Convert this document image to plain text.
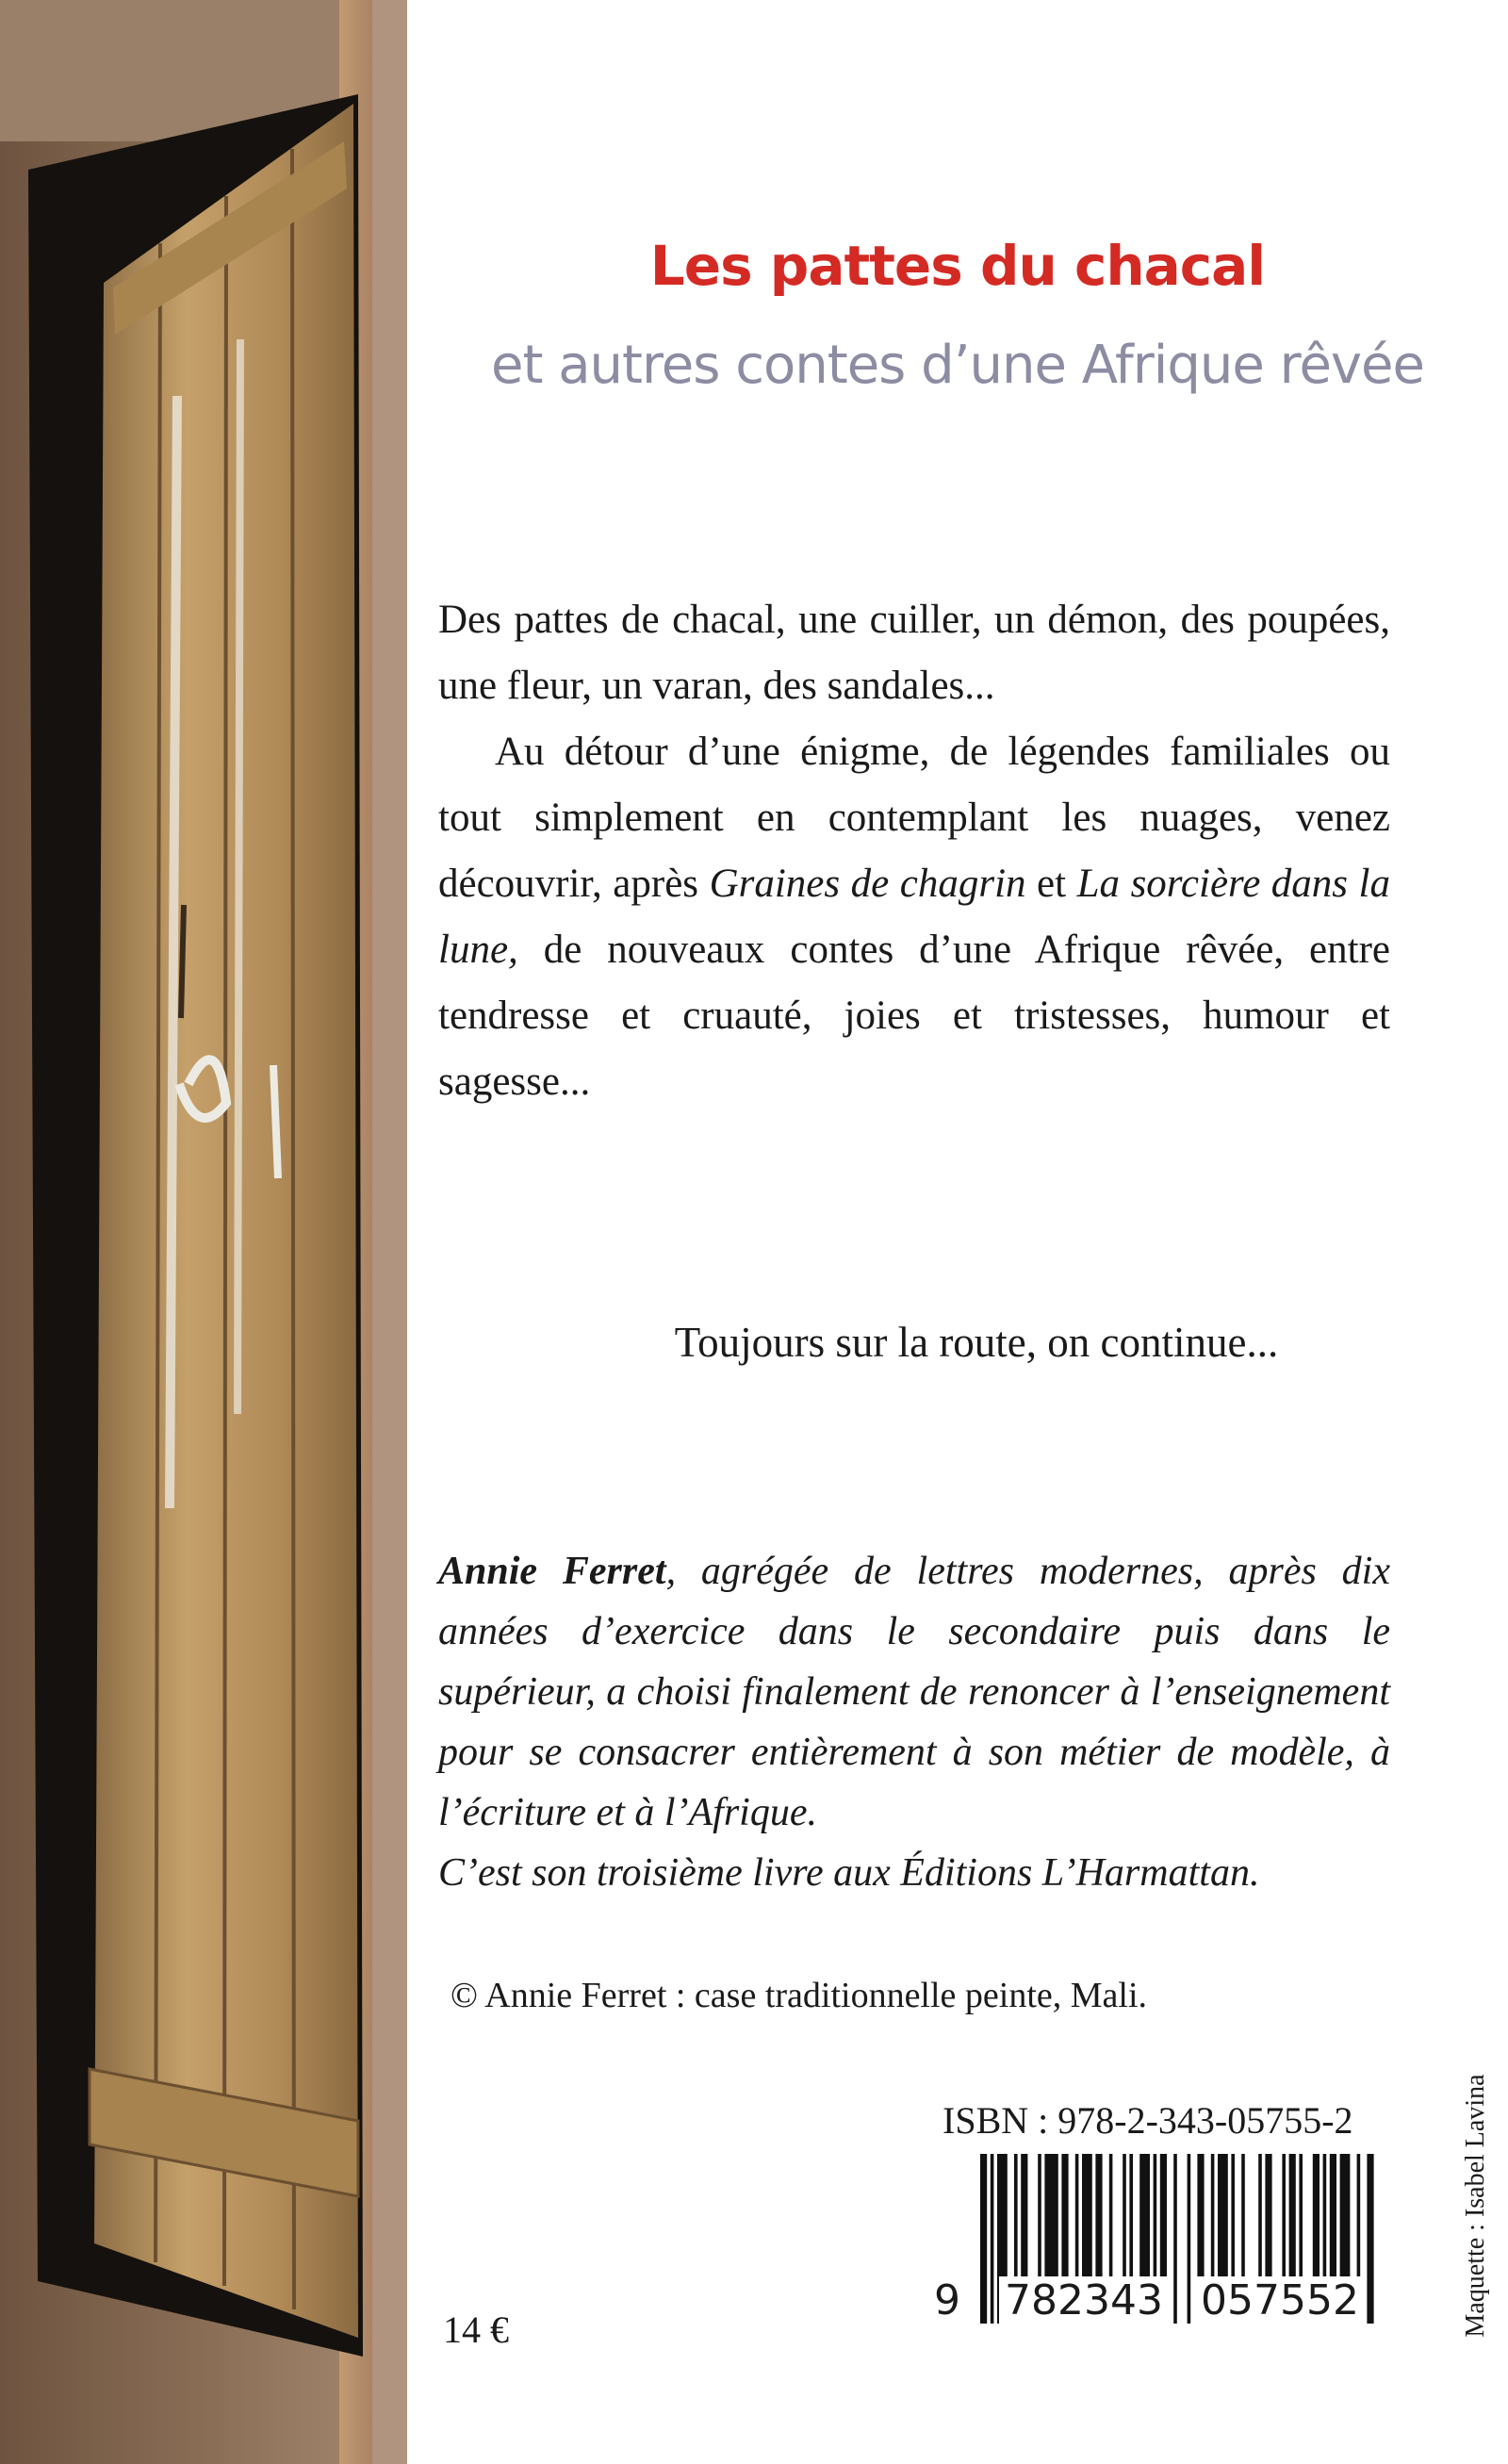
Les pattes du chacal
et autres contes d’une Afrique rêvée

Des pattes de chacal, une cuiller, un démon, des poupées, une fleur, un varan, des sandales...

Au détour d’une énigme, de légendes familiales ou tout simplement en contemplant les nuages, venez découvrir, après Graines de chagrin et La sorcière dans la lune, de nouveaux contes d’une Afrique rêvée, entre tendresse et cruauté, joies et tristesses, humour et sagesse...

Toujours sur la route, on continue...

Annie Ferret, agrégée de lettres modernes, après dix années d’exercice dans le secondaire puis dans le supérieur, a choisi finalement de renoncer à l’enseignement pour se consacrer entièrement à son métier de modèle, à l’écriture et à l’Afrique.

C’est son troisième livre aux Éditions L’Harmattan.

© Annie Ferret : case traditionnelle peinte, Mali.
ISBN : 978-2-343-05755-2
9 782343 057552
14 €	Maquette : Isabel Lavina
